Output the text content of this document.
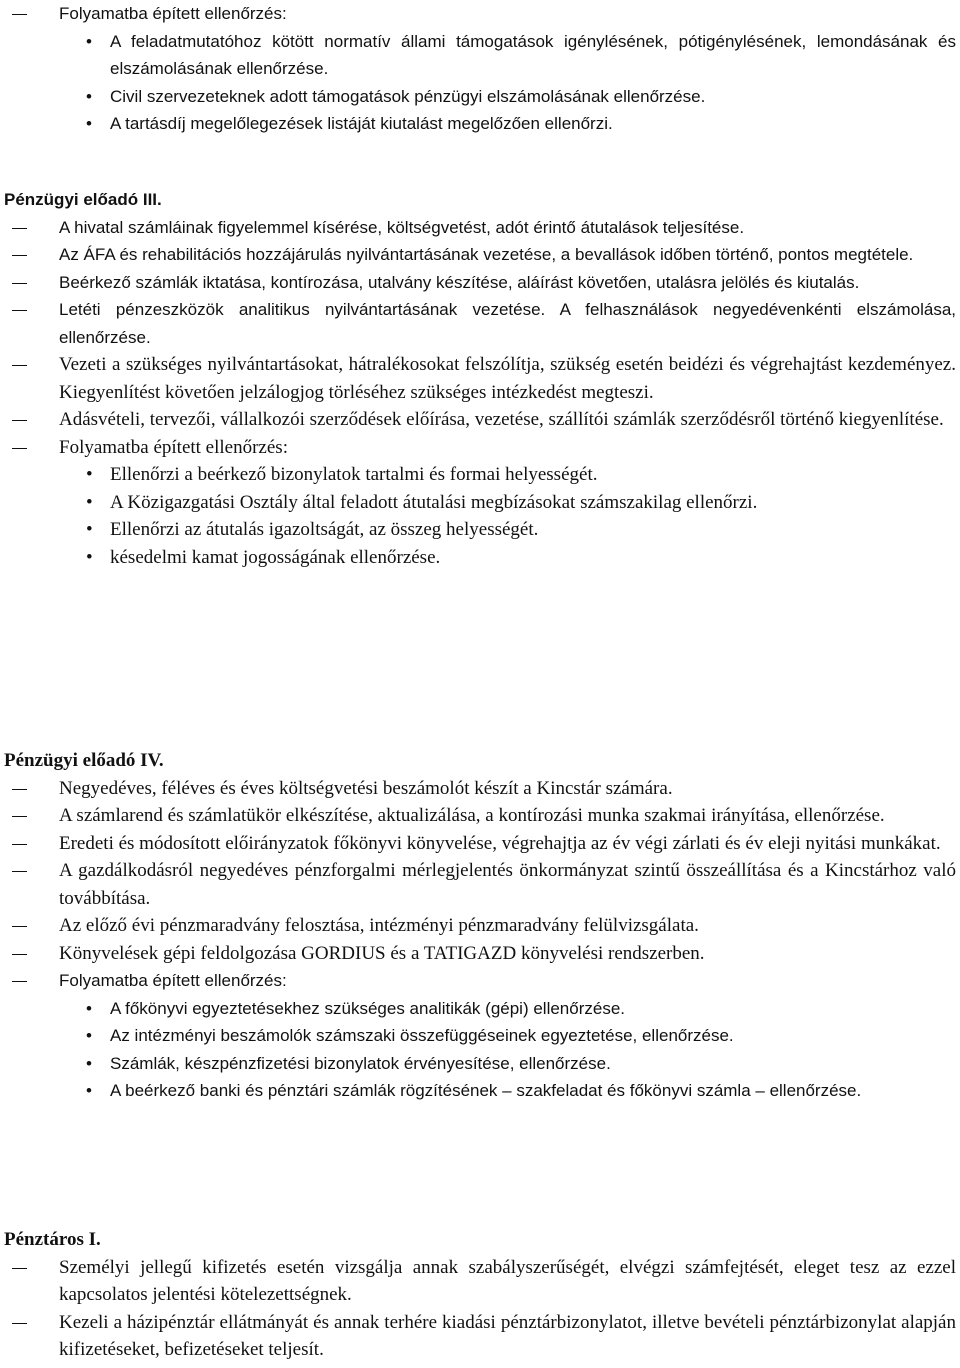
Folyamatba épített ellenőrzés:
• A feladatmutatóhoz kötött normatív állami támogatások igénylésének, pótigénylésének, lemondásának és elszámolásának ellenőrzése.
• Civil szervezeteknek adott támogatások pénzügyi elszámolásának ellenőrzése.
• A tartásdíj megelőlegezések listáját kiutalást megelőzően ellenőrzi.
Pénzügyi előadó III.
A hivatal számláinak figyelemmel kísérése, költségvetést, adót érintő átutalások teljesítése.
Az ÁFA és rehabilitációs hozzájárulás nyilvántartásának vezetése, a bevallások időben történő, pontos megtétele.
Beérkező számlák iktatása, kontírozása, utalvány készítése, aláírást követően, utalásra jelölés és kiutalás.
Letéti pénzeszközök analitikus nyilvántartásának vezetése. A felhasználások negyedévenkénti elszámolása, ellenőrzése.
Vezeti a szükséges nyilvántartásokat, hátralékosokat felszólítja, szükség esetén beidézi és végrehajtást kezdeményez. Kiegyenlítést követően jelzálogjog törléséhez szükséges intézkedést megteszi.
Adásvételi, tervezői, vállalkozói szerződések előírása, vezetése, szállítói számlák szerződésről történő kiegyenlítése.
Folyamatba épített ellenőrzés:
• Ellenőrzi a beérkező bizonylatok tartalmi és formai helyességét.
• A Közigazgatási Osztály által feladott átutalási megbízásokat számszakilag ellenőrzi.
• Ellenőrzi az átutalás igazoltságát, az összeg helyességét.
• késedelmi kamat jogosságának ellenőrzése.
Pénzügyi előadó IV.
Negyedéves, féléves és éves költségvetési beszámolót készít a Kincstár számára.
A számlarend és számlatükör elkészítése, aktualizálása, a kontírozási munka szakmai irányítása, ellenőrzése.
Eredeti és módosított előirányzatok főkönyvi könyvelése, végrehajtja az év végi zárlati és év eleji nyitási munkákat.
A gazdálkodásról negyedéves pénzforgalmi mérlegjelentés önkormányzat szintű összeállítása és a Kincstárhoz való továbbítása.
Az előző évi pénzmaradvány felosztása, intézményi pénzmaradvány felülvizsgálata.
Könyvelések gépi feldolgozása GORDIUS és a TATIGAZD könyvelési rendszerben.
Folyamatba épített ellenőrzés:
• A főkönyvi egyeztetésekhez szükséges analitikák (gépi) ellenőrzése.
• Az intézményi beszámolók számszaki összefüggéseinek egyeztetése, ellenőrzése.
• Számlák, készpénzfizetési bizonylatok érvényesítése, ellenőrzése.
• A beérkező banki és pénztári számlák rögzítésének – szakfeladat és főkönyvi számla – ellenőrzése.
Pénztáros I.
Személyi jellegű kifizetés esetén vizsgálja annak szabályszerűségét, elvégzi számfejtését, eleget tesz az ezzel kapcsolatos jelentési kötelezettségnek.
Kezeli a házipénztár ellátmányát és annak terhére kiadási pénztárbizonylatot, illetve bevételi pénztárbizonylat alapján kifizetéseket, befizetéseket teljesít.
